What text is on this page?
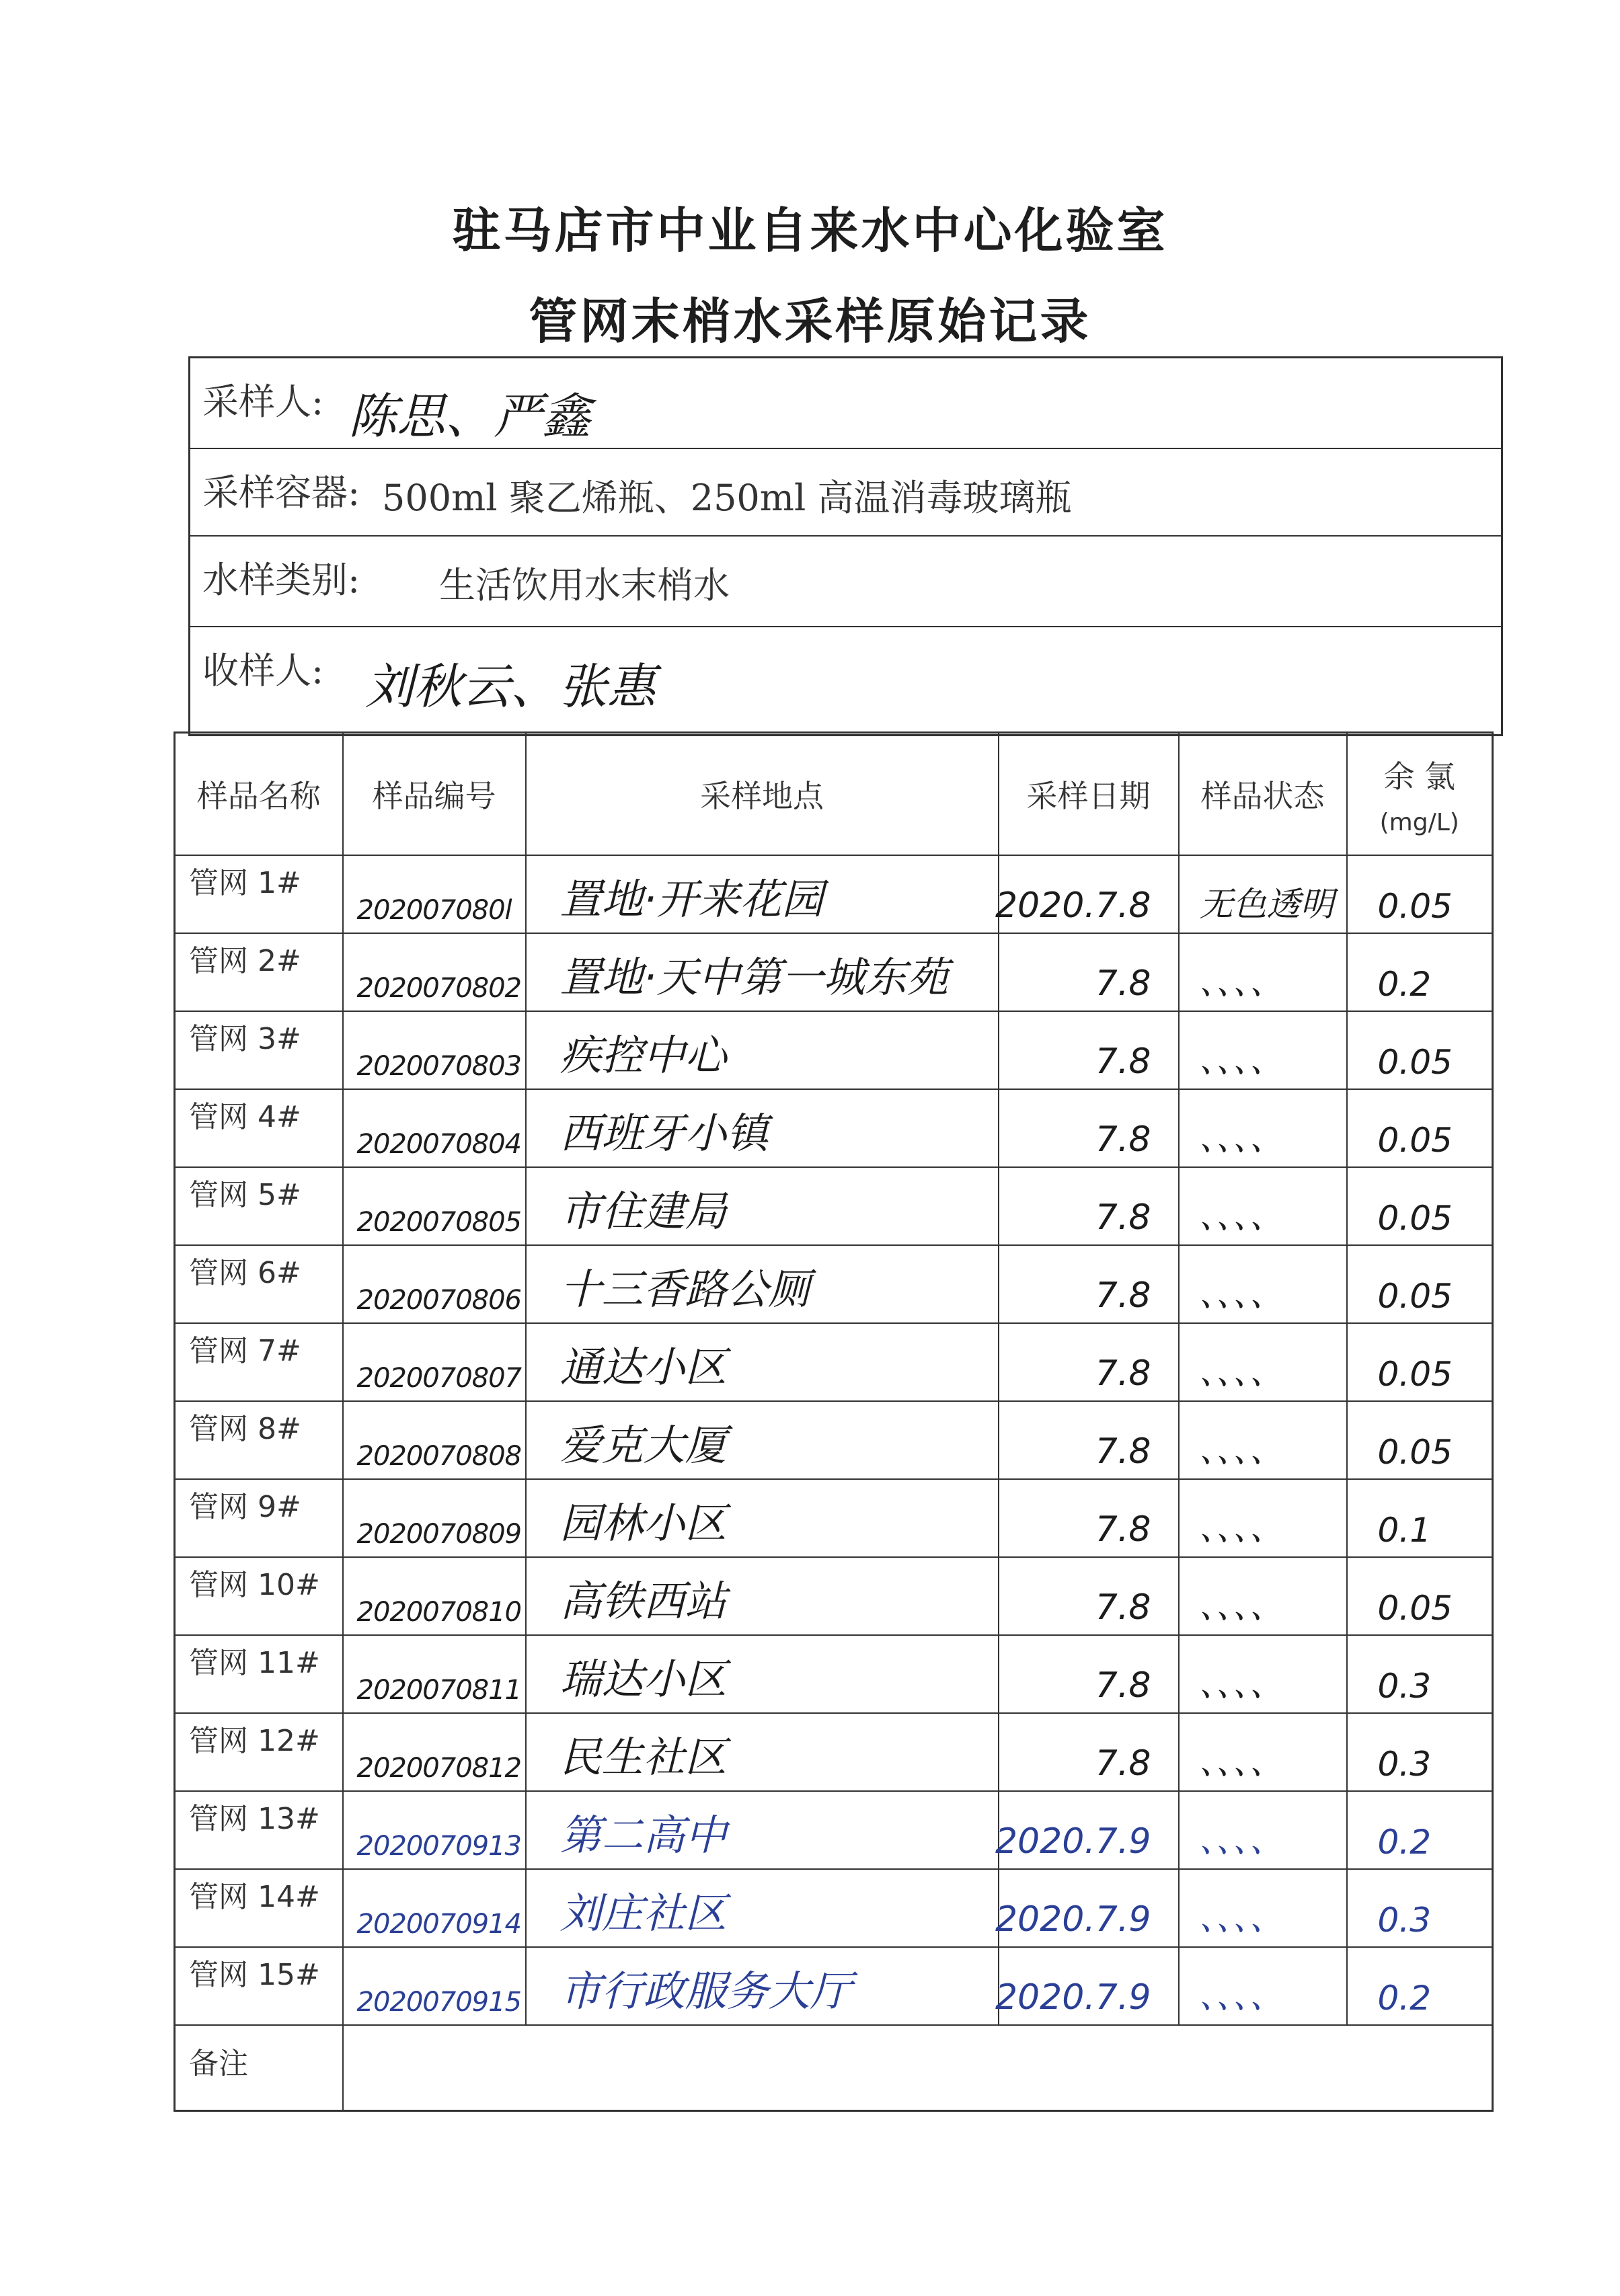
驻马店市中业自来水中心化验室
管网末梢水采样原始记录
采样人: 陈思、严鑫
采样容器: 500ml 聚乙烯瓶、250ml 高温消毒玻璃瓶
水样类别: 生活饮用水末梢水
收样人: 刘秋云、张惠
样品名称	样品编号	采样地点	采样日期	样品状态	余 氯
(mg/L)

管网 1#	202007080l	置地·开来花园	2020.7.8	无色透明	0.05

管网 2#	2020070802	置地·天中第一城东苑	7.8	、、、、	0.2

管网 3#	2020070803	疾控中心	7.8	、、、、	0.05

管网 4#	2020070804	西班牙小镇	7.8	、、、、	0.05

管网 5#	2020070805	市住建局	7.8	、、、、	0.05

管网 6#	2020070806	十三香路公厕	7.8	、、、、	0.05

管网 7#	2020070807	通达小区	7.8	、、、、	0.05

管网 8#	2020070808	爱克大厦	7.8	、、、、	0.05

管网 9#	2020070809	园林小区	7.8	、、、、	0.1

管网 10#	2020070810	高铁西站	7.8	、、、、	0.05

管网 11#	2020070811	瑞达小区	7.8	、、、、	0.3

管网 12#	2020070812	民生社区	7.8	、、、、	0.3

管网 13#	2020070913	第二高中	2020.7.9	、、、、	0.2

管网 14#	2020070914	刘庄社区	2020.7.9	、、、、	0.3

管网 15#	2020070915	市行政服务大厅	2020.7.9	、、、、	0.2

备注					
